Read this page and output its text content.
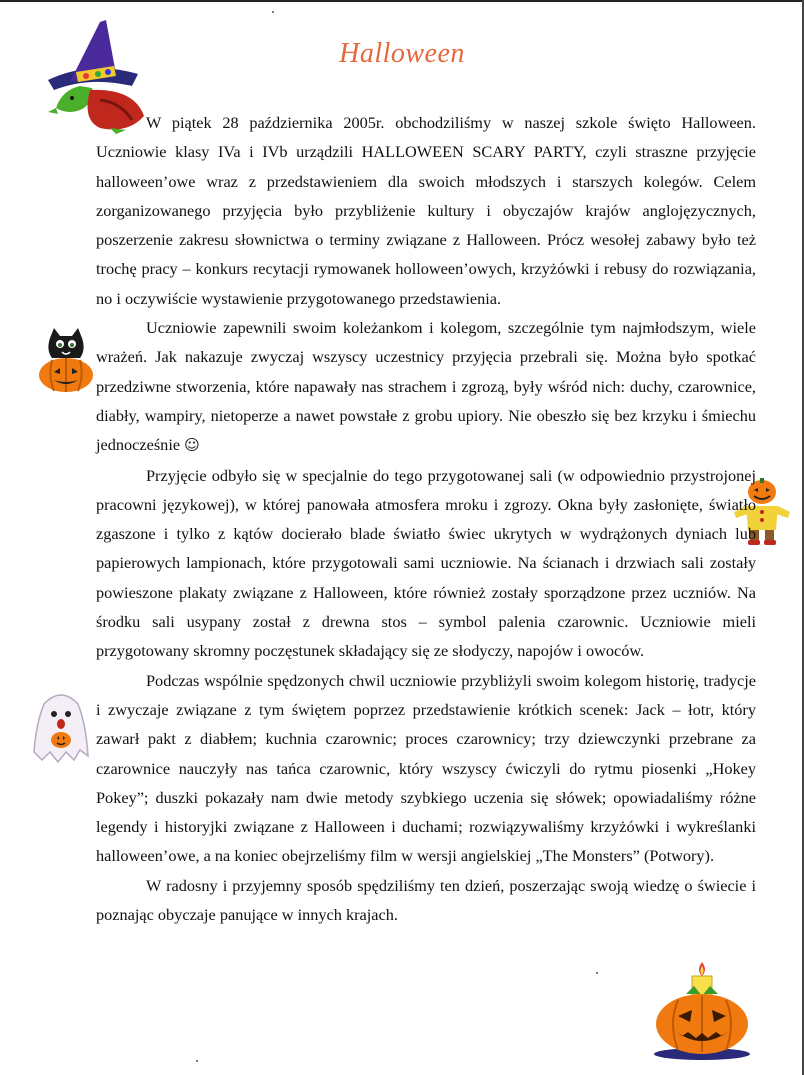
Halloween

W piątek 28 października 2005r. obchodziliśmy w naszej szkole święto Halloween. Uczniowie klasy IVa i IVb urządzili HALLOWEEN SCARY PARTY, czyli straszne przyjęcie halloween’owe wraz z przedstawieniem dla swoich młodszych i starszych kolegów. Celem zorganizowanego przyjęcia było przybliżenie kultury i obyczajów krajów anglojęzycznych, poszerzenie zakresu słownictwa o terminy związane z Halloween. Prócz wesołej zabawy było też trochę pracy – konkurs recytacji rymowanek holloween’owych, krzyżówki i rebusy do rozwiązania, no i oczywiście wystawienie przygotowanego przedstawienia.

Uczniowie zapewnili swoim koleżankom i kolegom, szczególnie tym najmłodszym, wiele wrażeń. Jak nakazuje zwyczaj wszyscy uczestnicy przyjęcia przebrali się. Można było spotkać przedziwne stworzenia, które napawały nas strachem i zgrozą, były wśród nich: duchy, czarownice, diabły, wampiry, nietoperze a nawet powstałe z grobu upiory. Nie obeszło się bez krzyku i śmiechu jednocześnie ☺

Przyjęcie odbyło się w specjalnie do tego przygotowanej sali (w odpowiednio przystrojonej pracowni językowej), w której panowała atmosfera mroku i zgrozy. Okna były zasłonięte, światło zgaszone i tylko z kątów docierało blade światło świec ukrytych w wydrążonych dyniach lub papierowych lampionach, które przygotowali sami uczniowie. Na ścianach i drzwiach sali zostały powieszone plakaty związane z Halloween, które również zostały sporządzone przez uczniów. Na środku sali usypany został z drewna stos – symbol palenia czarownic. Uczniowie mieli przygotowany skromny poczęstunek składający się ze słodyczy, napojów i owoców.

Podczas wspólnie spędzonych chwil uczniowie przybliżyli swoim kolegom historię, tradycje i zwyczaje związane z tym świętem poprzez przedstawienie krótkich scenek: Jack – łotr, który zawarł pakt z diabłem; kuchnia czarownic; proces czarownicy; trzy dziewczynki przebrane za czarownice nauczyły nas tańca czarownic, który wszyscy ćwiczyli do rytmu piosenki „Hokey Pokey”; duszki pokazały nam dwie metody szybkiego uczenia się słówek; opowiadaliśmy różne legendy i historyjki związane z Halloween i duchami; rozwiązywaliśmy krzyżówki i wykreślanki halloween’owe, a na koniec obejrzeliśmy film w wersji angielskiej „The Monsters” (Potwory).

W radosny i przyjemny sposób spędziliśmy ten dzień, poszerzając swoją wiedzę o świecie i poznając obyczaje panujące w innych krajach.
